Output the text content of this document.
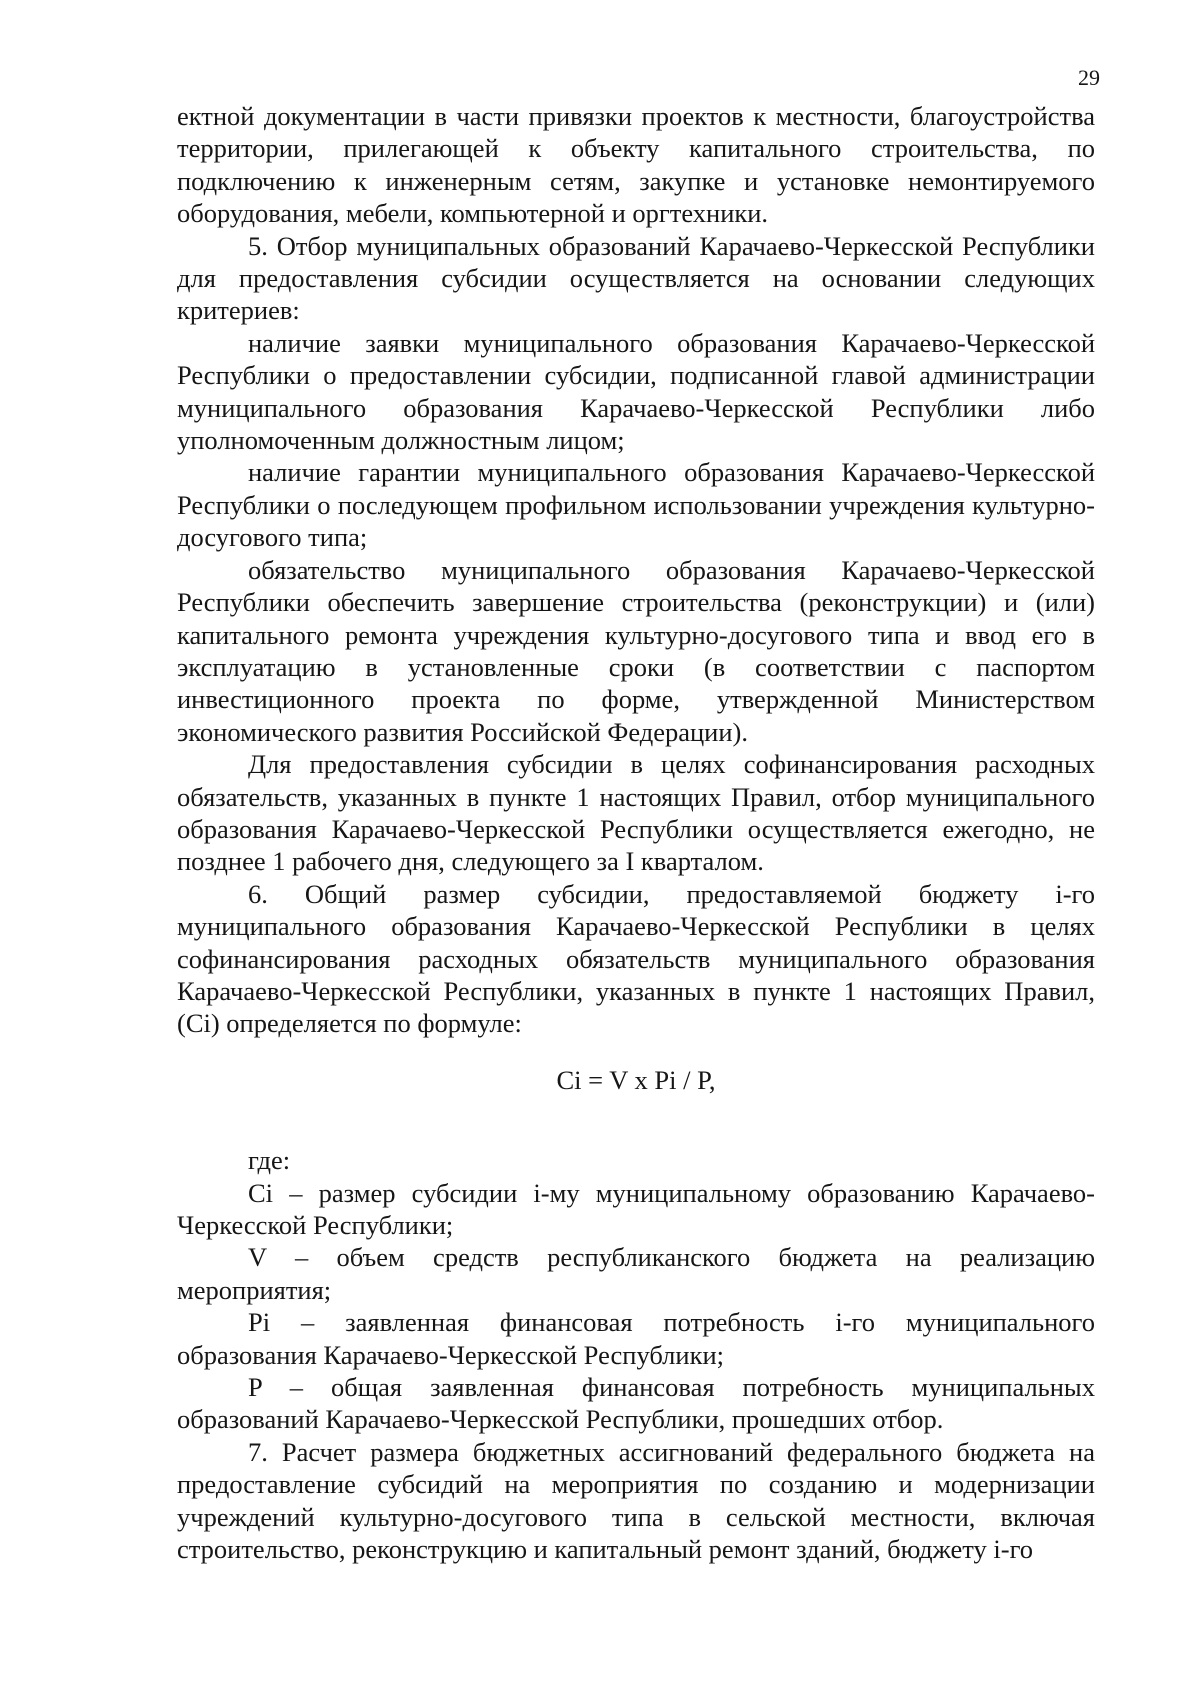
29

ектной документации в части привязки проектов к местности, благоустройства территории, прилегающей к объекту капитального строительства, по подключению к инженерным сетям, закупке и установке немонтируемого оборудования, мебели, компьютерной и оргтехники.

5. Отбор муниципальных образований Карачаево-Черкесской Республики для предоставления субсидии осуществляется на основании следующих критериев:

наличие заявки муниципального образования Карачаево-Черкесской Республики о предоставлении субсидии, подписанной главой администрации муниципального образования Карачаево-Черкесской Республики либо уполномоченным должностным лицом;

наличие гарантии муниципального образования Карачаево-Черкесской Республики о последующем профильном использовании учреждения культурно-досугового типа;

обязательство муниципального образования Карачаево-Черкесской Республики обеспечить завершение строительства (реконструкции) и (или) капитального ремонта учреждения культурно-досугового типа и ввод его в эксплуатацию в установленные сроки (в соответствии с паспортом инвестиционного проекта по форме, утвержденной Министерством экономического развития Российской Федерации).

Для предоставления субсидии в целях софинансирования расходных обязательств, указанных в пункте 1 настоящих Правил, отбор муниципального образования Карачаево-Черкесской Республики осуществляется ежегодно, не позднее 1 рабочего дня, следующего за I кварталом.

6. Общий размер субсидии, предоставляемой бюджету i-го муниципального образования Карачаево-Черкесской Республики в целях софинансирования расходных обязательств муниципального образования Карачаево-Черкесской Республики, указанных в пункте 1 настоящих Правил, (Ci) определяется по формуле:

Ci = V x Pi / P,

где:

Ci – размер субсидии i-му муниципальному образованию Карачаево-Черкесской Республики;

V – объем средств республиканского бюджета на реализацию мероприятия;

Pi – заявленная финансовая потребность i-го муниципального образования Карачаево-Черкесской Республики;

P – общая заявленная финансовая потребность муниципальных образований Карачаево-Черкесской Республики, прошедших отбор.

7. Расчет размера бюджетных ассигнований федерального бюджета на предоставление субсидий на мероприятия по созданию и модернизации учреждений культурно-досугового типа в сельской местности, включая строительство, реконструкцию и капитальный ремонт зданий, бюджету i-го
